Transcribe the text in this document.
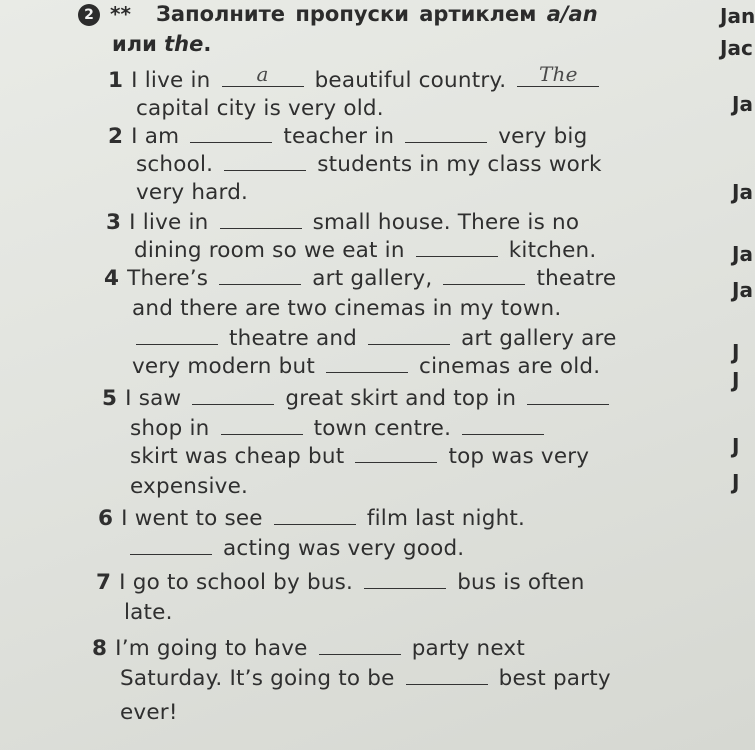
2 ** Заполните пропуски артиклем a/an
или the.
1 I live in	a	beautiful country.	The
capital city is very old.
2 I am	teacher in	very big
school.	students in my class work
very hard.
3 I live in	small house. There is no
dining room so we eat in	kitchen.
4 There’s	art gallery,	theatre
and there are two cinemas in my town.
theatre and	art gallery are
very modern but	cinemas are old.
5 I saw	great skirt and top in
shop in	town centre.
skirt was cheap but	top was very
expensive.
6 I went to see	film last night.
acting was very good.
7 I go to school by bus.	bus is often
late.
8 I’m going to have	party next
Saturday. It’s going to be	best party
ever!
Jan
Jac
Ja
Ja
Ja
Ja
J
J
J
J
